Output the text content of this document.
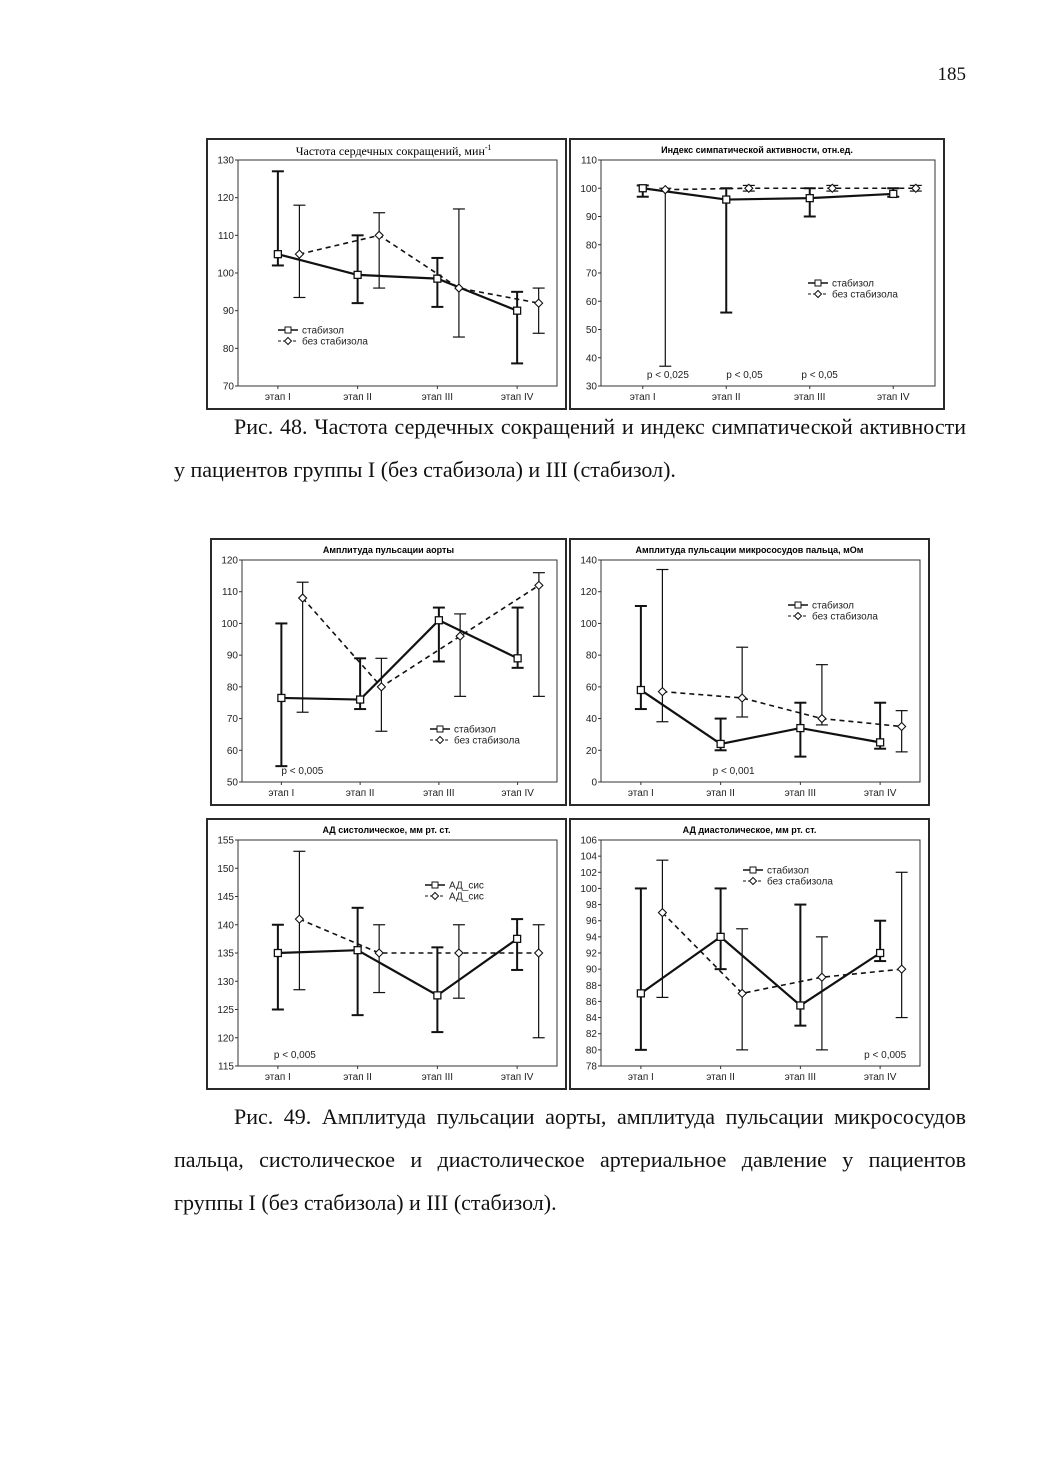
185
Частота сердечных сокращений, мин$^{-1}$
70
80
90
100
110
120
130
этап I	этап II	этап III	этап IV
стабизол
без стабизола
Индекс симпатической активности, отн.ед.
30
40
50
60
70
80
90
100
110
этап I	этап II	этап III	этап IV
стабизол
без стабизола
p < 0,025	p < 0,05	p < 0,05
Рис. 48. Частота сердечных сокращений и индекс симпатической активности у пациентов группы I (без стабизола) и III (стабизол).
Амплитуда пульсации аорты
50
60
70
80
90
100
110
120
этап I	этап II	этап III	этап IV
стабизол
без стабизола
p < 0,005
Амплитуда пульсации микрососудов пальца, мОм
0
20
40
60
80
100
120
140
этап I	этап II	этап III	этап IV
стабизол
без стабизола
p < 0,001
АД систолическое, мм рт. ст.
115
120
125
130
135
140
145
150
155
этап I	этап II	этап III	этап IV
АД_сис
АД_сис
p < 0,005
АД диастолическое, мм рт. ст.
78
80
82
84
86
88
90
92
94
96
98
100
102
104
106
этап I	этап II	этап III	этап IV
стабизол
без стабизола
p < 0,005
Рис. 49. Амплитуда пульсации аорты, амплитуда пульсации микрососудов пальца, систолическое и диастолическое артериальное давление у пациентов группы I (без стабизола) и III (стабизол).
